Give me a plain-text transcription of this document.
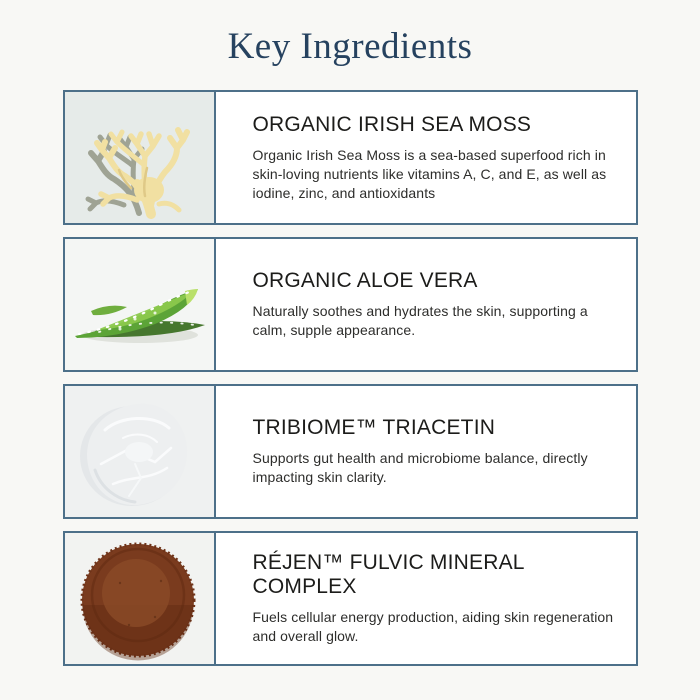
Key Ingredients
ORGANIC IRISH SEA MOSS
Organic Irish Sea Moss is a sea-based superfood rich in skin-loving nutrients like vitamins A, C, and E, as well as iodine, zinc, and antioxidants
ORGANIC ALOE VERA
Naturally soothes and hydrates the skin, supporting a calm, supple appearance.
TRIBIOME™ TRIACETIN
Supports gut health and microbiome balance, directly impacting skin clarity.
RÉJEN™ FULVIC MINERAL COMPLEX
Fuels cellular energy production, aiding skin regeneration and overall glow.
